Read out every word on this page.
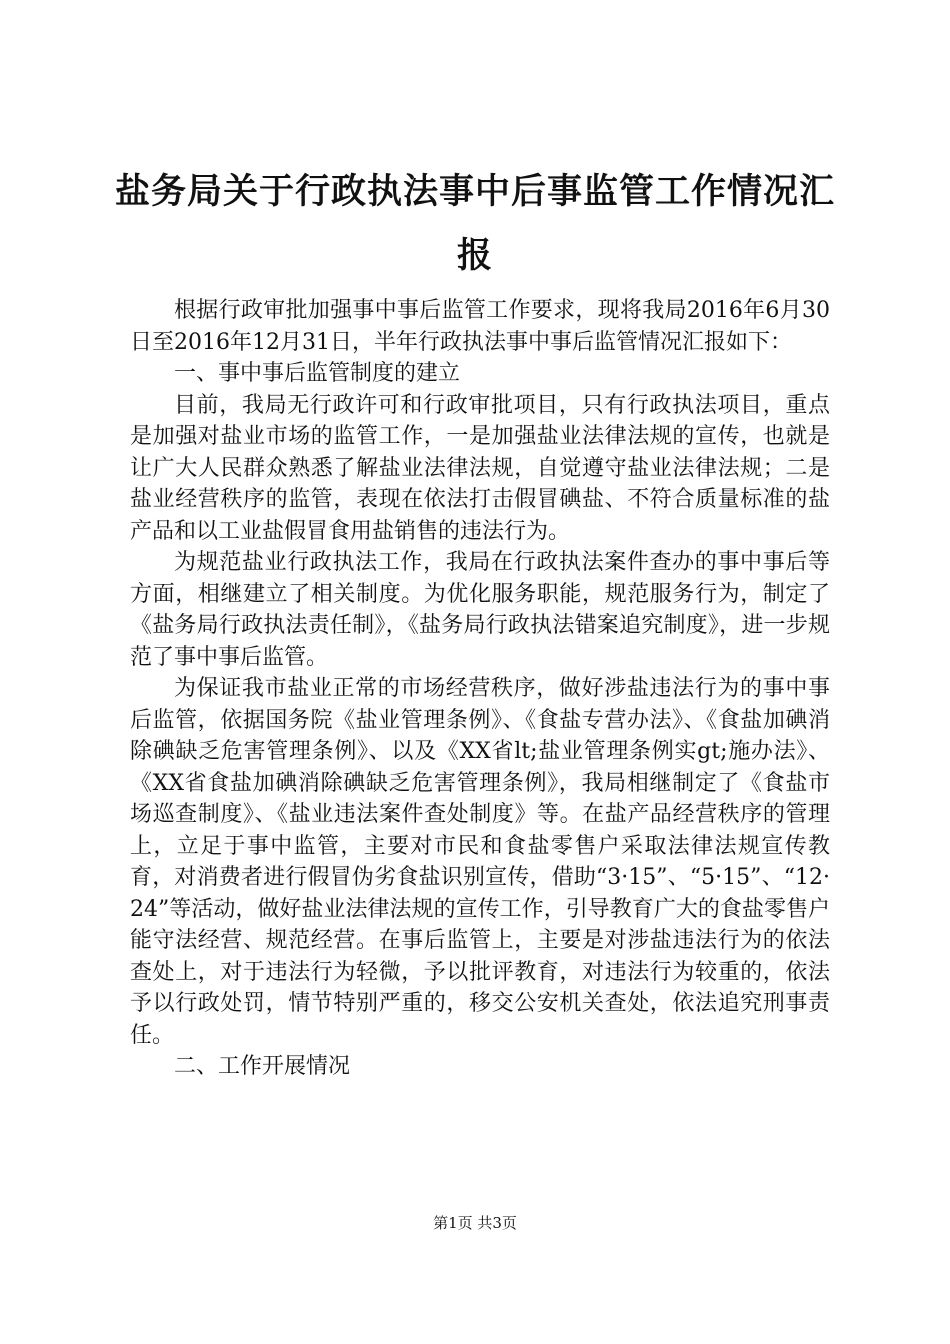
盐务局关于行政执法事中后事监管工作情况汇报

根据行政审批加强事中事后监管工作要求，现将我局2016年6月30日至2016年12月31日，半年行政执法事中事后监管情况汇报如下：

一、事中事后监管制度的建立

目前，我局无行政许可和行政审批项目，只有行政执法项目，重点是加强对盐业市场的监管工作，一是加强盐业法律法规的宣传，也就是让广大人民群众熟悉了解盐业法律法规，自觉遵守盐业法律法规；二是盐业经营秩序的监管，表现在依法打击假冒碘盐、不符合质量标准的盐产品和以工业盐假冒食用盐销售的违法行为。

为规范盐业行政执法工作，我局在行政执法案件查办的事中事后等方面，相继建立了相关制度。为优化服务职能，规范服务行为，制定了《盐务局行政执法责任制》，《盐务局行政执法错案追究制度》，进一步规范了事中事后监管。

为保证我市盐业正常的市场经营秩序，做好涉盐违法行为的事中事后监管，依据国务院《盐业管理条例》、《食盐专营办法》、《食盐加碘消除碘缺乏危害管理条例》、以及《XX省lt;盐业管理条例实gt;施办法》、《XX省食盐加碘消除碘缺乏危害管理条例》，我局相继制定了《食盐市场巡查制度》、《盐业违法案件查处制度》等。在盐产品经营秩序的管理上，立足于事中监管，主要对市民和食盐零售户采取法律法规宣传教育，对消费者进行假冒伪劣食盐识别宣传，借助“3·15”、“5·15”、“12·24”等活动，做好盐业法律法规的宣传工作，引导教育广大的食盐零售户能守法经营、规范经营。在事后监管上，主要是对涉盐违法行为的依法查处上，对于违法行为轻微，予以批评教育，对违法行为较重的，依法予以行政处罚，情节特别严重的，移交公安机关查处，依法追究刑事责任。

二、工作开展情况

第1页 共3页
